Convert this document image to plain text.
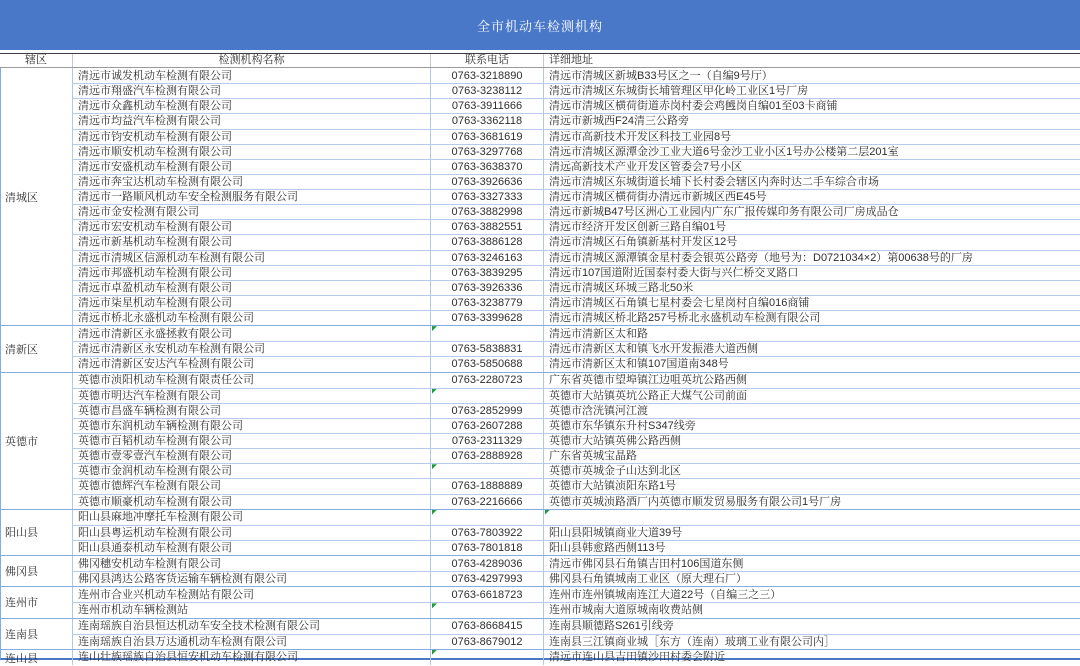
全市机动车检测机构
辖区	检测机构名称	联系电话	详细地址
清城区
清远市诚发机动车检测有限公司	0763-3218890	清远市清城区新城B33号区之一（自编9号厅）
清远市翔盛汽车检测有限公司	0763-3238112	清远市清城区东城街长埔管理区甲化岭工业区1号厂房
清远市众鑫机动车检测有限公司	0763-3911666	清远市清城区横荷街道赤岗村委会鸡乸岗自编01至03卡商铺
清远市均益汽车检测有限公司	0763-3362118	清远市新城西F24清三公路旁
清远市钧安机动车检测有限公司	0763-3681619	清远市高新技术开发区科技工业园8号
清远市顺安机动车检测有限公司	0763-3297768	清远市清城区源潭金沙工业大道6号金沙工业小区1号办公楼第二层201室
清远市安盛机动车检测有限公司	0763-3638370	清远高新技术产业开发区管委会7号小区
清远市奔宝达机动车检测有限公司	0763-3926636	清远市清城区东城街道长埔下长村委会辖区内奔时达二手车综合市场
清远市一路顺风机动车安全检测服务有限公司	0763-3327333	清远市清城区横荷街办清远市新城区西E45号
清远市金安检测有限公司	0763-3882998	清远市新城B47号区洲心工业园内广东广报传媒印务有限公司厂房成品仓
清远市宏安机动车检测有限公司	0763-3882551	清远市经济开发区创新三路自编01号
清远市新基机动车检测有限公司	0763-3886128	清远市清城区石角镇新基村开发区12号
清远市清城区信源机动车检测有限公司	0763-3246163	清远市清城区源潭镇金星村委会银英公路旁（地号为：D0721034×2）第00638号的厂房
清远市邦盛机动车检测有限公司	0763-3839295	清远市107国道附近国泰村委大街与兴仁桥交叉路口
清远市卓盈机动车检测有限公司	0763-3926336	清远市清城区环城三路北50米
清远市柒星机动车检测有限公司	0763-3238779	清远市清城区石角镇七星村委会七星岗村自编016商铺
清远市桥北永盛机动车检测有限公司	0763-3399628	清远市清城区桥北路257号桥北永盛机动车检测有限公司
清新区
清远市清新区永盛拯救有限公司	清远市清新区太和路
清远市清新区永安机动车检测有限公司	0763-5838831	清远市清新区太和镇飞水开发振港大道西侧
清远市清新区安达汽车检测有限公司	0763-5850688	清远市清新区太和镇107国道南348号
英德市
英德市浈阳机动车检测有限责任公司	0763-2280723	广东省英德市望埠镇江边咀英坑公路西侧
英德市明达汽车检测有限公司	英德市大站镇英坑公路正大煤气公司前面
英德市昌盛车辆检测有限公司	0763-2852999	英德市浛洸镇河江渡
英德市东润机动车辆检测有限公司	0763-2607288	英德市东华镇东升村S347线旁
英德市百韬机动车检测有限公司	0763-2311329	英德市大站镇英佛公路西侧
英德市壹零壹汽车检测有限公司	0763-2888928	广东省英城宝晶路
英德市金润机动车检测有限公司	英德市英城金子山达到北区
英德市德辉汽车检测有限公司	0763-1888889	英德市大站镇浈阳东路1号
英德市顺豪机动车检测有限公司	0763-2216666	英德市英城浈路酒厂内英德市顺发贸易服务有限公司1号厂房
阳山县
阳山县麻地冲摩托车检测有限公司
阳山县粤运机动车检测有限公司	0763-7803922	阳山县阳城镇商业大道39号
阳山县通泰机动车检测有限公司	0763-7801818	阳山县韩愈路西侧113号
佛冈县
佛冈穗安机动车检测有限公司	0763-4289036	清远市佛冈县石角镇吉田村106国道东侧
佛冈县鸿达公路客货运输车辆检测有限公司	0763-4297993	佛冈县石角镇城南工业区（原大理石厂）
连州市
连州市合业兴机动车检测站有限公司	0763-6618723	连州市连州镇城南连江大道22号（自编三之三）
连州市机动车辆检测站	连州市城南大道原城南收费站侧
连南县
连南瑶族自治县恒达机动车安全技术检测有限公司	0763-8668415	连南县顺德路S261引线旁
连南瑶族自治县万达通机动车检测有限公司	0763-8679012	连南县三江镇商业城［东方（连南）玻璃工业有限公司内］
连山县	连山壮族瑶族自治县恒安机动车检测有限公司	清远市连山县吉田镇沙田村委会附近
